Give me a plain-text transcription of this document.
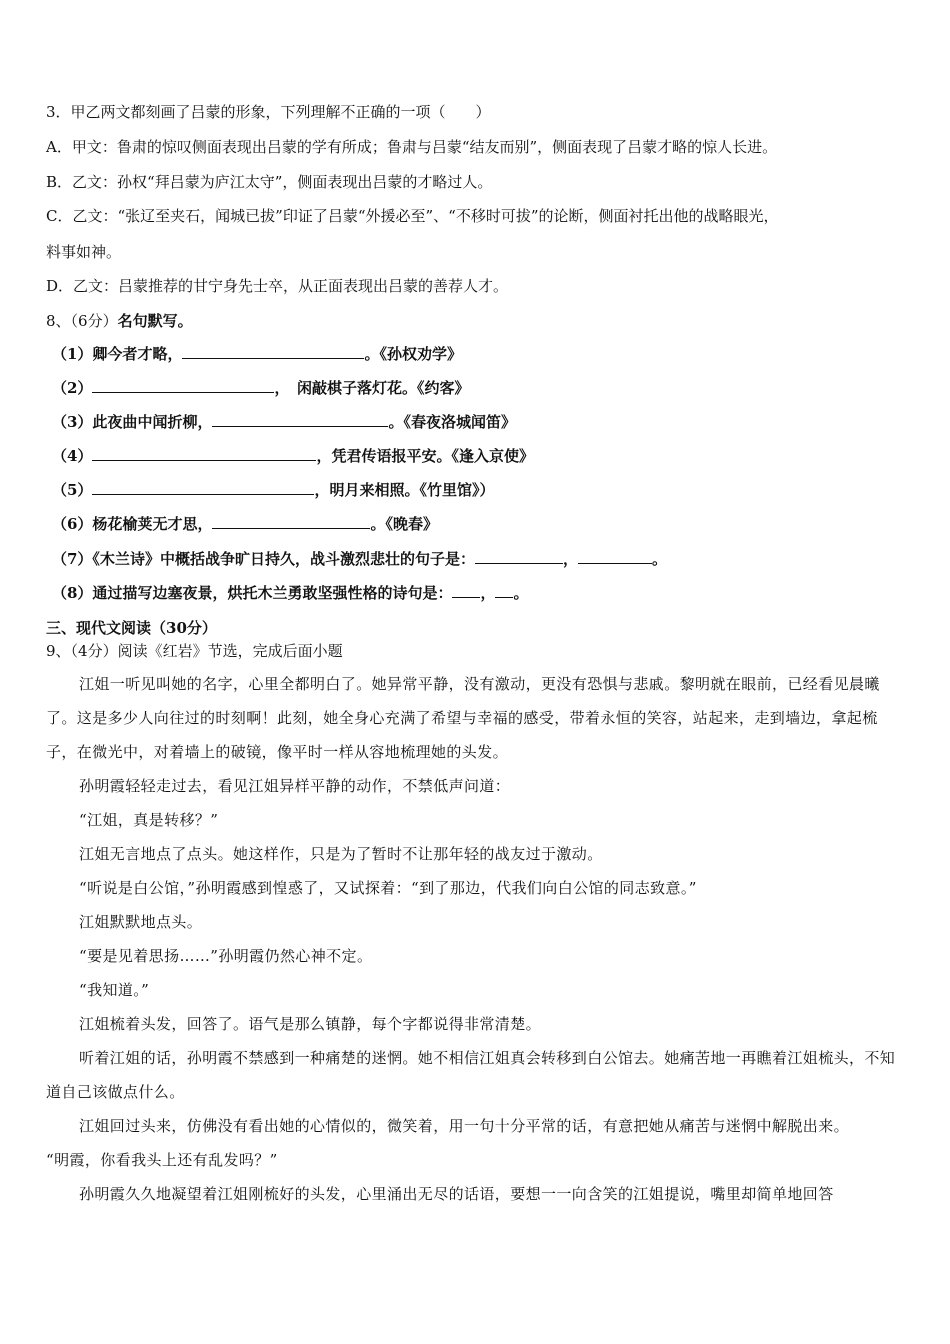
3．甲乙两文都刻画了吕蒙的形象，下列理解不正确的一项（　　）
A．甲文：鲁肃的惊叹侧面表现出吕蒙的学有所成；鲁肃与吕蒙“结友而别”，侧面表现了吕蒙才略的惊人长进。
B．乙文：孙权“拜吕蒙为庐江太守”，侧面表现出吕蒙的才略过人。
C．乙文：“张辽至夹石，闻城已拔”印证了吕蒙“外援必至”、“不移时可拔”的论断，侧面衬托出他的战略眼光，
料事如神。
D．乙文：吕蒙推荐的甘宁身先士卒，从正面表现出吕蒙的善荐人才。
8、（6分）名句默写。
（1）卿今者才略，	。《孙权劝学》
（2）	，　闲敲棋子落灯花。《约客》
（3）此夜曲中闻折柳，	。《春夜洛城闻笛》
（4）	，凭君传语报平安。《逢入京使》
（5）	，明月来相照。《竹里馆》）
（6）杨花榆荚无才思，	。《晚春》
（7）《木兰诗》中概括战争旷日持久，战斗激烈悲壮的句子是：	，	。
（8）通过描写边塞夜景，烘托木兰勇敢坚强性格的诗句是： ， 。
三、现代文阅读（30分）
9、（4分）阅读《红岩》节选，完成后面小题

江姐一听见叫她的名字，心里全都明白了。她异常平静，没有激动，更没有恐惧与悲戚。黎明就在眼前，已经看见晨曦了。这是多少人向往过的时刻啊！此刻，她全身心充满了希望与幸福的感受，带着永恒的笑容，站起来，走到墙边，拿起梳子，在微光中，对着墙上的破镜，像平时一样从容地梳理她的头发。

孙明霞轻轻走过去，看见江姐异样平静的动作，不禁低声问道：

“江姐，真是转移？”

江姐无言地点了点头。她这样作，只是为了暂时不让那年轻的战友过于激动。

“听说是白公馆，”孙明霞感到惶惑了，又试探着：“到了那边，代我们向白公馆的同志致意。”

江姐默默地点头。

“要是见着思扬……”孙明霞仍然心神不定。

“我知道。”

江姐梳着头发，回答了。语气是那么镇静，每个字都说得非常清楚。

听着江姐的话，孙明霞不禁感到一种痛楚的迷惘。她不相信江姐真会转移到白公馆去。她痛苦地一再瞧着江姐梳头，不知道自己该做点什么。

江姐回过头来，仿佛没有看出她的心情似的，微笑着，用一句十分平常的话，有意把她从痛苦与迷惘中解脱出来。

“明霞，你看我头上还有乱发吗？”

孙明霞久久地凝望着江姐刚梳好的头发，心里涌出无尽的话语，要想一一向含笑的江姐提说，嘴里却简单地回答
